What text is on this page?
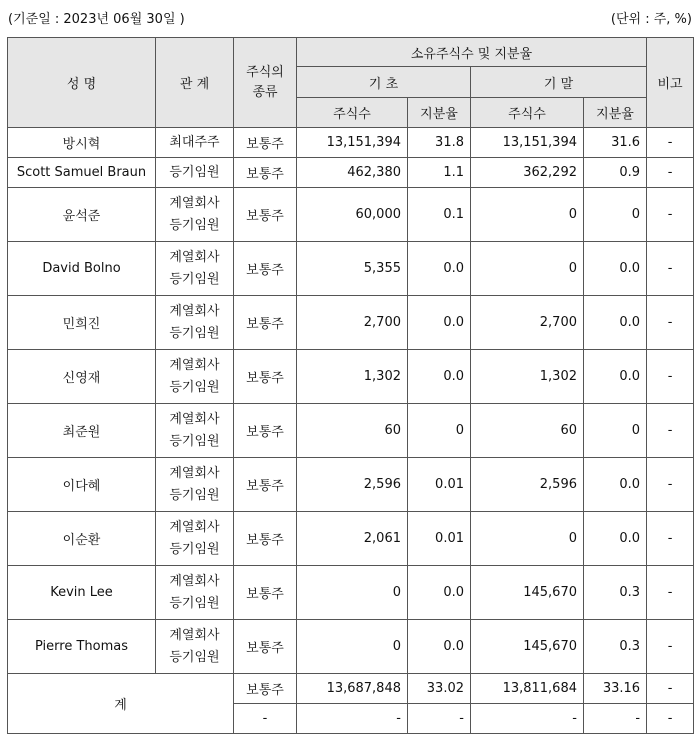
(기준일 : 2023년 06월 30일 )	(단위 : 주, %)
성 명	관 계	주식의 종류	소유주식수 및 지분율				비고
			기 초		기 말		
			주식수	지분율	주식수	지분율	
방시혁	최대주주	보통주	13,151,394	31.8	13,151,394	31.6	-
Scott Samuel Braun	등기임원	보통주	462,380	1.1	362,292	0.9	-
윤석준	계열회사 등기임원	보통주	60,000	0.1	0	0	-
David Bolno	계열회사 등기임원	보통주	5,355	0.0	0	0.0	-
민희진	계열회사 등기임원	보통주	2,700	0.0	2,700	0.0	-
신영재	계열회사 등기임원	보통주	1,302	0.0	1,302	0.0	-
최준원	계열회사 등기임원	보통주	60	0	60	0	-
이다혜	계열회사 등기임원	보통주	2,596	0.01	2,596	0.0	-
이순환	계열회사 등기임원	보통주	2,061	0.01	0	0.0	-
Kevin Lee	계열회사 등기임원	보통주	0	0.0	145,670	0.3	-
Pierre Thomas	계열회사 등기임원	보통주	0	0.0	145,670	0.3	-
계		보통주	13,687,848	33.02	13,811,684	33.16	-
		-	-	-	-	-	-
